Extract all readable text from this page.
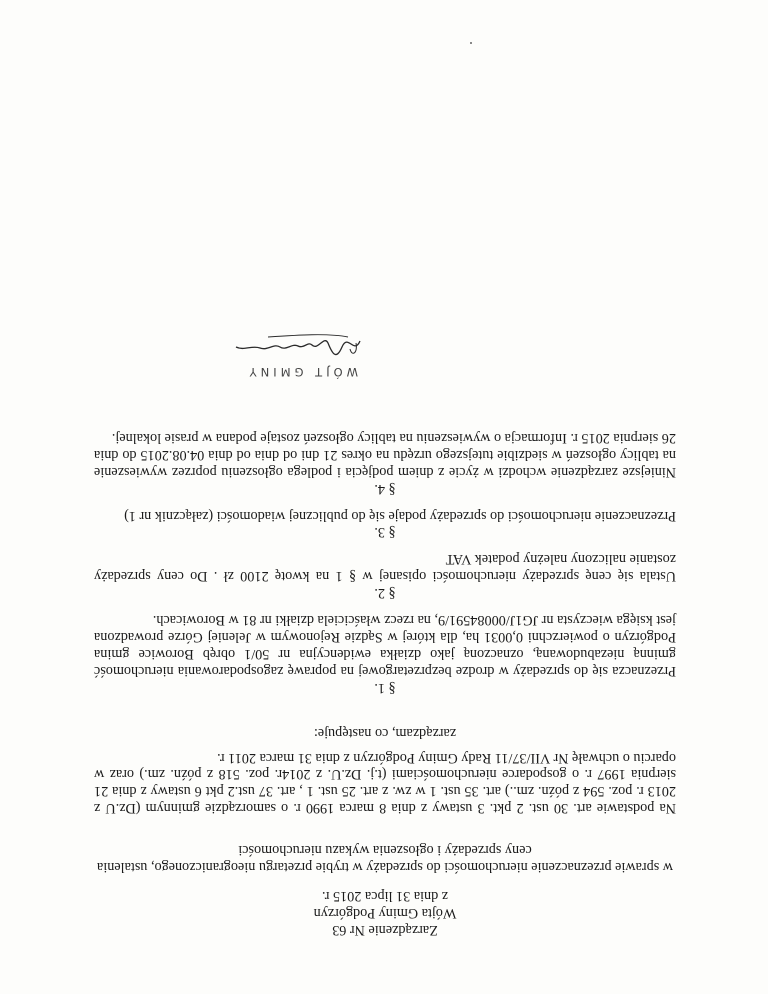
Zarządzenie Nr 63
Wójta Gminy Podgórzyn
z dnia 31 lipca 2015 r.
w sprawie przeznaczenie nieruchomości do sprzedaży w trybie przetargu nieograniczonego, ustalenia ceny sprzedaży i ogłoszenia wykazu nieruchomości
Na podstawie art. 30 ust. 2 pkt. 3 ustawy z dnia 8 marca 1990 r. o samorządzie gminnym (Dz.U z 2013 r. poz. 594 z późn. zm..) art. 35 ust. 1 w zw. z art. 25 ust. 1 , art. 37 ust.2 pkt 6 ustawy z dnia 21 sierpnia 1997 r. o gospodarce nieruchomościami (t.j. Dz.U. z 2014r. poz. 518 z późn. zm.) oraz w oparciu o uchwałę Nr VII/37/11 Rady Gminy Podgórzyn z dnia 31 marca 2011 r.
zarządzam, co następuje:
§ 1.
Przeznacza się do sprzedaży w drodze bezprzetargowej na poprawę zagospodarowania nieruchomość gminną niezabudowaną, oznaczoną jako działka ewidencyjna nr 50/1 obręb Borowice gmina Podgórzyn o powierzchni 0,0031 ha, dla której w Sądzie Rejonowym w Jeleniej Górze prowadzona jest księga wieczysta nr JG1J/00084591/9, na rzecz właściciela działki nr 81 w Borowicach.
§ 2.
Ustala się cenę sprzedaży nieruchomości opisanej w § 1 na kwotę 2100 zł . Do ceny sprzedaży zostanie naliczony należny podatek VAT
§ 3.
Przeznaczenie nieruchomości do sprzedaży podaje się do publicznej wiadomości (załącznik nr 1)
§ 4.
Niniejsze zarządzenie wchodzi w życie z dniem podjęcia i podlega ogłoszeniu poprzez wywieszenie na tablicy ogłoszeń w siedzibie tutejszego urzędu na okres 21 dni od dnia od dnia 04.08.2015 do dnia 26 sierpnia 2015 r. Informacja o wywieszeniu na tablicy ogłoszeń zostaje podana w prasie lokalnej.
WÓJT GMINY
